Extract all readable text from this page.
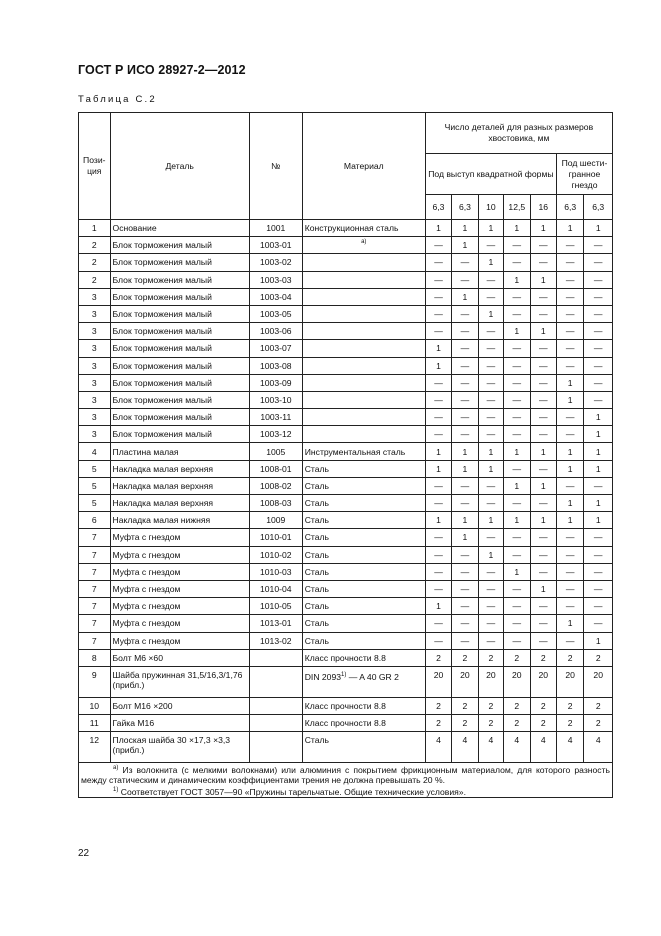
ГОСТ Р ИСО 28927-2—2012
Таблица С.2
Пози-ция	Деталь	№	Материал	Число деталей для разных размеров хвостовика, мм						
				Под выступ квадратной формы					Под шести-гранное гнездо	
				6,3	6,3	10	12,5	16	6,3	6,3
1	Основание	1001	Конструкционная сталь	1	1	1	1	1	1	1
2	Блок торможения малый	1003-01	$^{а)}$	—	1	—	—	—	—	—
2	Блок торможения малый	1003-02		—	—	1	—	—	—	—
2	Блок торможения малый	1003-03		—	—	—	1	1	—	—
3	Блок торможения малый	1003-04		—	1	—	—	—	—	—
3	Блок торможения малый	1003-05		—	—	1	—	—	—	—
3	Блок торможения малый	1003-06		—	—	—	1	1	—	—
3	Блок торможения малый	1003-07		1	—	—	—	—	—	—
3	Блок торможения малый	1003-08		1	—	—	—	—	—	—
3	Блок торможения малый	1003-09		—	—	—	—	—	1	—
3	Блок торможения малый	1003-10		—	—	—	—	—	1	—
3	Блок торможения малый	1003-11		—	—	—	—	—	—	1
3	Блок торможения малый	1003-12		—	—	—	—	—	—	1
4	Пластина малая	1005	Инструментальная сталь	1	1	1	1	1	1	1
5	Накладка малая верхняя	1008-01	Сталь	1	1	1	—	—	1	1
5	Накладка малая верхняя	1008-02	Сталь	—	—	—	1	1	—	—
5	Накладка малая верхняя	1008-03	Сталь	—	—	—	—	—	1	1
6	Накладка малая нижняя	1009	Сталь	1	1	1	1	1	1	1
7	Муфта с гнездом	1010-01	Сталь	—	1	—	—	—	—	—
7	Муфта с гнездом	1010-02	Сталь	—	—	1	—	—	—	—
7	Муфта с гнездом	1010-03	Сталь	—	—	—	1	—	—	—
7	Муфта с гнездом	1010-04	Сталь	—	—	—	—	1	—	—
7	Муфта с гнездом	1010-05	Сталь	1	—	—	—	—	—	—
7	Муфта с гнездом	1013-01	Сталь	—	—	—	—	—	1	—
7	Муфта с гнездом	1013-02	Сталь	—	—	—	—	—	—	1
8	Болт М6 ×60		Класс прочности 8.8	2	2	2	2	2	2	2
9	Шайба пружинная 31,5/16,3/1,76 (прибл.)		DIN 2093$^{1)}$ — A 40 GR 2	20	20	20	20	20	20	20
10	Болт М16 ×200		Класс прочности 8.8	2	2	2	2	2	2	2
11	Гайка М16		Класс прочности 8.8	2	2	2	2	2	2	2
12	Плоская шайба 30 ×17,3 ×3,3 (прибл.)		Сталь	4	4	4	4	4	4	4

$^{а)}$ Из волокнита (с мелкими волокнами) или алюминия с покрытием фрикционным материалом, для которого разность между статическим и динамическим коэффициентами трения не должна превышать 20 %.
$^{1)}$ Соответствует ГОСТ 3057—90 «Пружины тарельчатые. Общие технические условия».										
22
